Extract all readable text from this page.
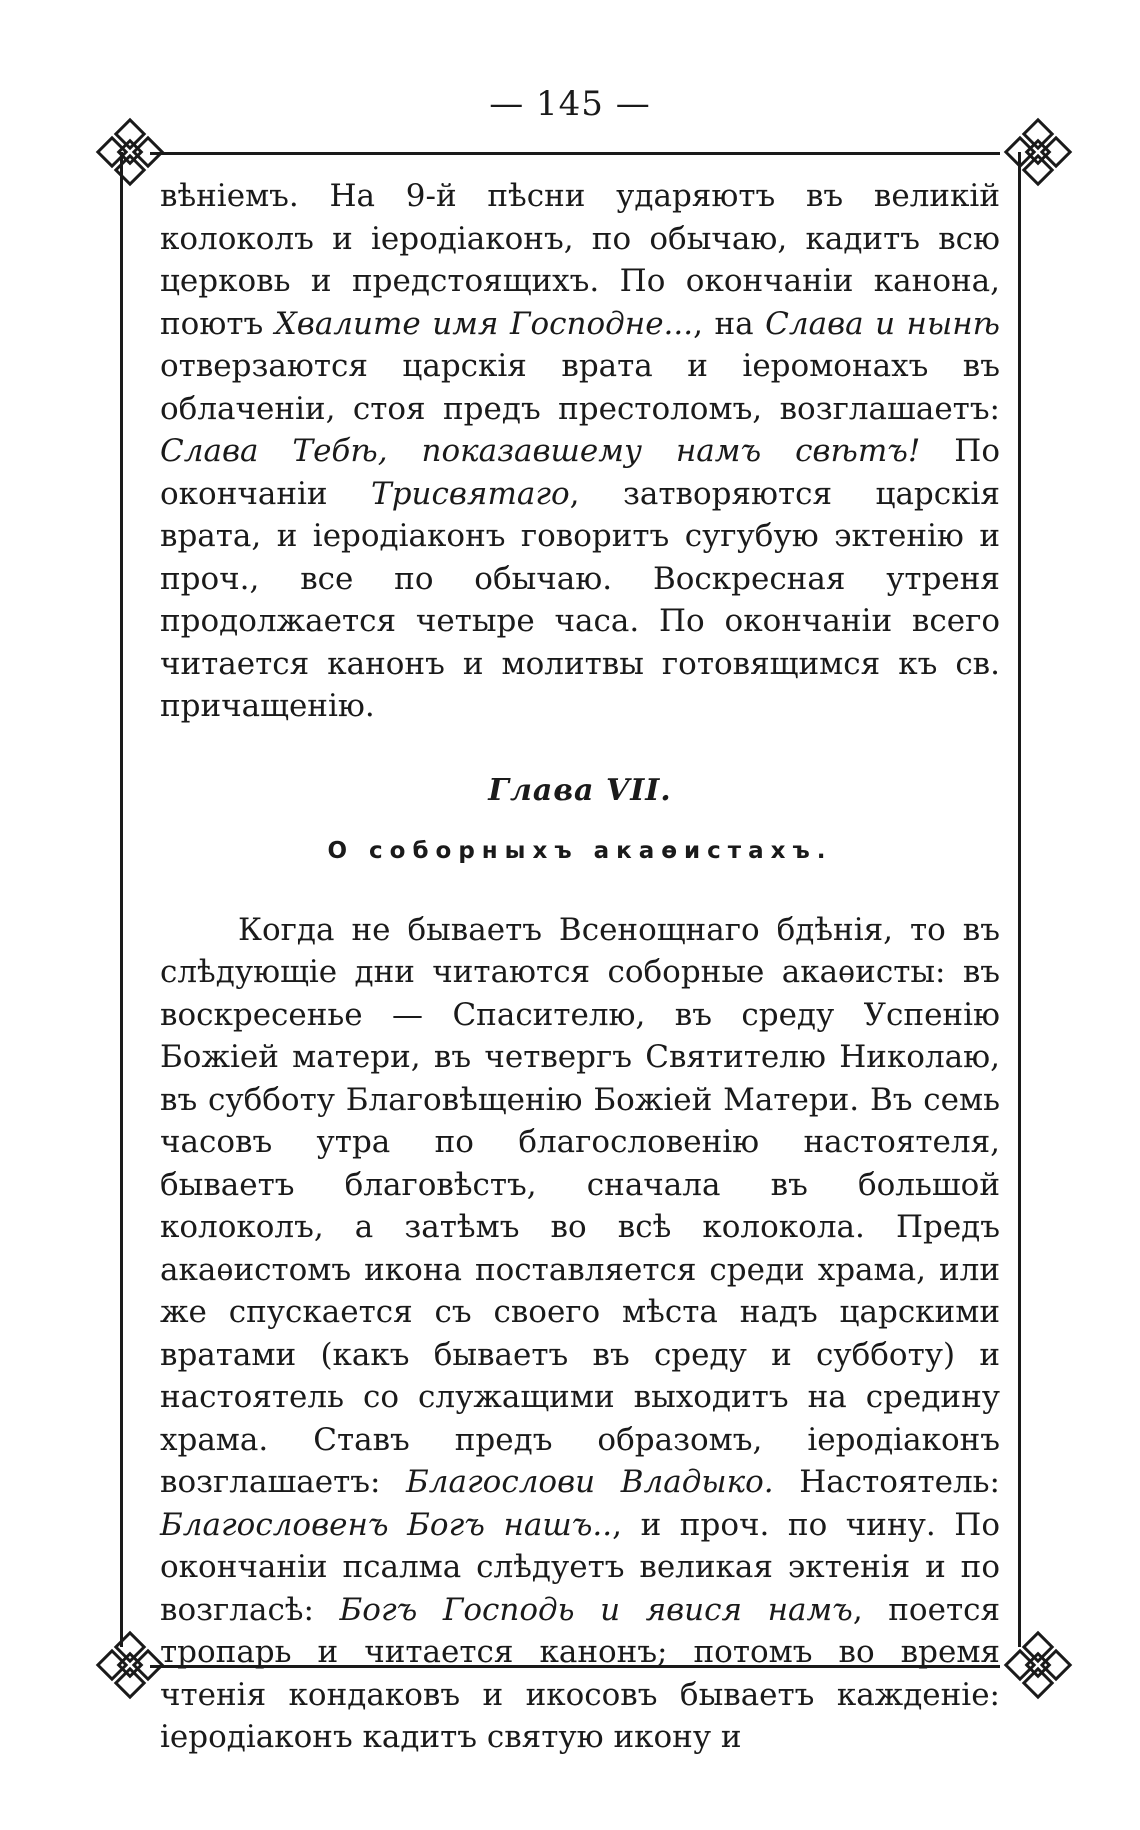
— 145 —

вѣніемъ. На 9-й пѣсни ударяютъ въ великій колоколъ и іеродіаконъ, по обычаю, кадитъ всю церковь и предстоящихъ. По окончаніи канона, поютъ Хвалите имя Господне..., на Слава и нынѣ отверзаются царскія врата и іеромонахъ въ облаченіи, стоя предъ престоломъ, возглашаетъ: Слава Тебѣ, показавшему намъ свѣтъ! По окончаніи Трисвятаго, затворяются царскія врата, и іеродіаконъ говоритъ сугубую эктенію и проч., все по обычаю. Воскресная утреня продолжается четыре часа. По окончаніи всего читается канонъ и молитвы готовящимся къ св. причащенію.

Глава VII.
О соборныхъ акаѳистахъ.

Когда не бываетъ Всенощнаго бдѣнія, то въ слѣдующіе дни читаются соборные акаѳисты: въ воскресенье — Спасителю, въ среду Успенію Божіей матери, въ четвергъ Святителю Николаю, въ субботу Благовѣщенію Божіей Матери. Въ семь часовъ утра по благословенію настоятеля, бываетъ благовѣстъ, сначала въ большой колоколъ, а затѣмъ во всѣ колокола. Предъ акаѳистомъ икона поставляется среди храма, или же спускается съ своего мѣста надъ царскими вратами (какъ бываетъ въ среду и субботу) и настоятель со служащими выходитъ на средину храма. Ставъ предъ образомъ, іеродіаконъ возглашаетъ: Благослови Владыко. Настоятель: Благословенъ Богъ нашъ.., и проч. по чину. По окончаніи псалма слѣдуетъ великая эктенія и по возгласѣ: Богъ Господь и явися намъ, поется тропарь и читается канонъ; потомъ во время чтенія кондаковъ и икосовъ бываетъ кажденіе: іеродіаконъ кадитъ святую икону и
